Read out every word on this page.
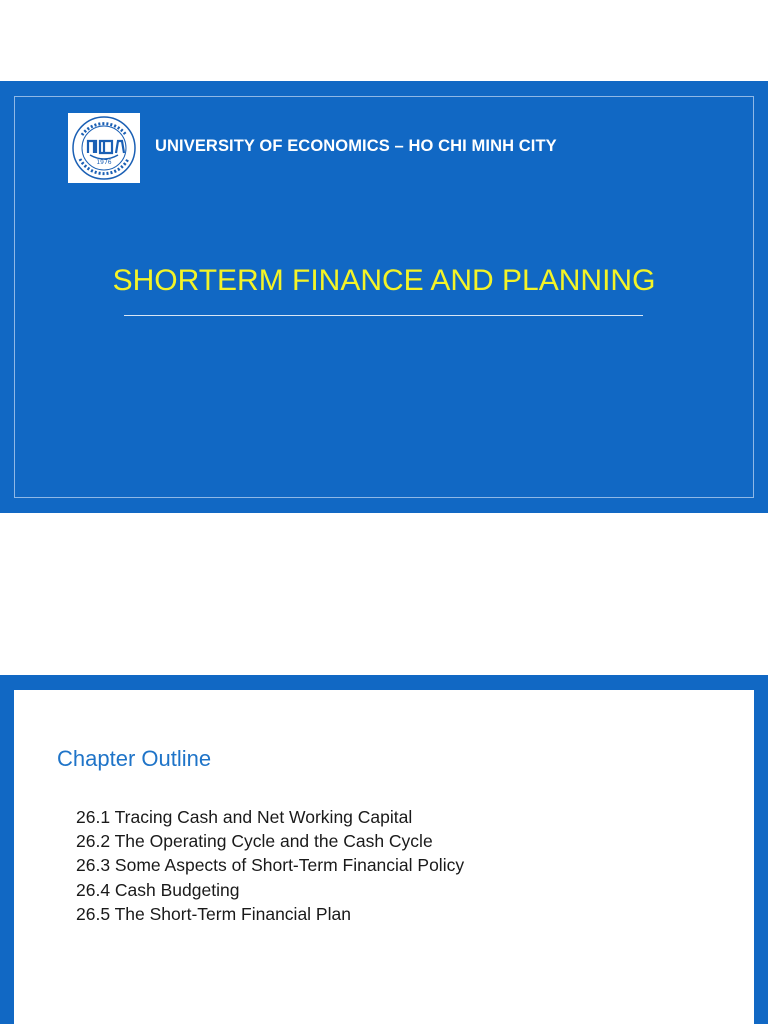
1976
UNIVERSITY OF ECONOMICS – HO CHI MINH CITY
SHORTERM FINANCE AND PLANNING
Chapter Outline
26.1 Tracing Cash and Net Working Capital
26.2 The Operating Cycle and the Cash Cycle
26.3 Some Aspects of Short-Term Financial Policy
26.4 Cash Budgeting
26.5 The Short-Term Financial Plan
